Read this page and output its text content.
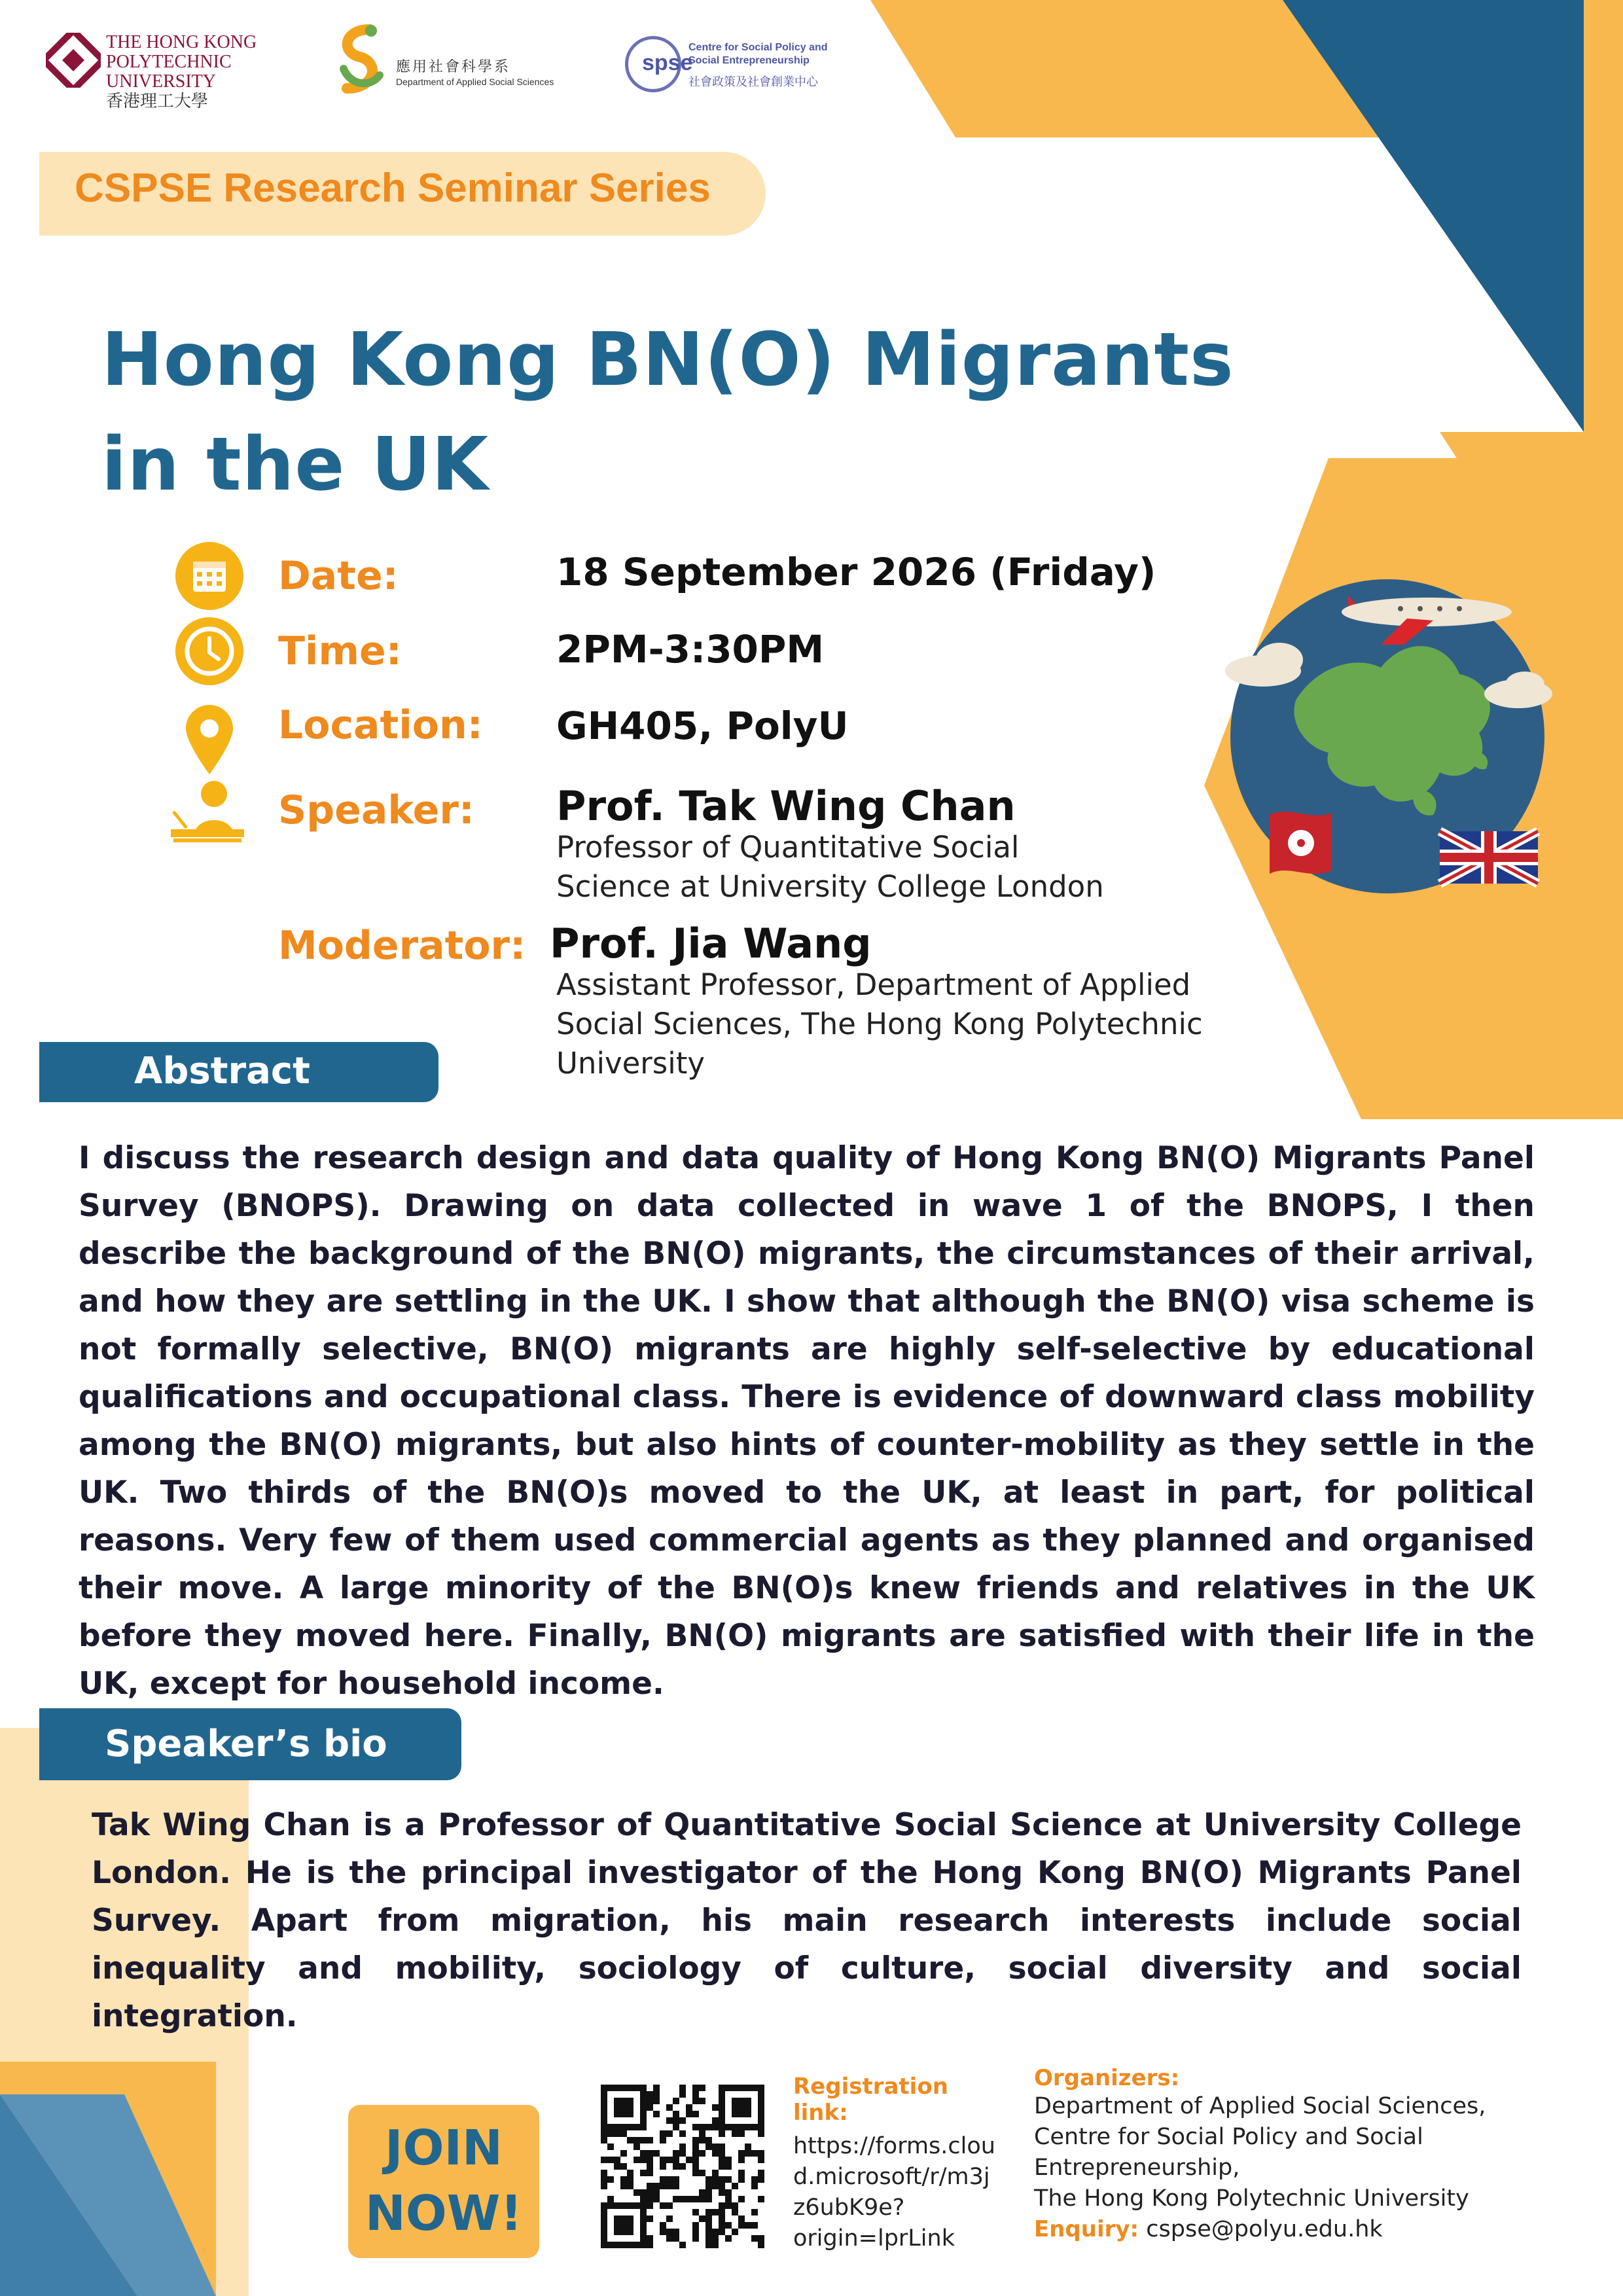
THE HONG KONG
POLYTECHNIC UNIVERSITY
香港理工大學
應用社會科學系
Department of Applied Social Sciences
spse
Centre for Social Policy and
Social Entrepreneurship
社會政策及社會創業中心
CSPSE Research Seminar Series
Hong Kong BN(O) Migrants
in the UK
Date:	18 September 2026 (Friday)
Time:	2PM-3:30PM
Location: GH405, PolyU
Speaker: Prof. Tak Wing Chan
Professor of Quantitative Social
Science at University College London
Moderator: Prof. Jia Wang
Assistant Professor, Department of Applied
Social Sciences, The Hong Kong Polytechnic
University
Abstract
I discuss the research design and data quality of Hong Kong BN(O) Migrants Panel Survey (BNOPS). Drawing on data collected in wave 1 of the BNOPS, I then describe the background of the BN(O) migrants, the circumstances of their arrival, and how they are settling in the UK. I show that although the BN(O) visa scheme is not formally selective, BN(O) migrants are highly self-selective by educational qualifications and occupational class. There is evidence of downward class mobility among the BN(O) migrants, but also hints of counter-mobility as they settle in the UK. Two thirds of the BN(O)s moved to the UK, at least in part, for political reasons. Very few of them used commercial agents as they planned and organised their move. A large minority of the BN(O)s knew friends and relatives in the UK before they moved here. Finally, BN(O) migrants are satisfied with their life in the UK, except for household income.
Speaker’s bio
Tak Wing Chan is a Professor of Quantitative Social Science at University College London. He is the principal investigator of the Hong Kong BN(O) Migrants Panel Survey. Apart from migration, his main research interests include social inequality and mobility, sociology of culture, social diversity and social integration.
JOIN
NOW!
Registration
link:
https://forms.clou
d.microsoft/r/m3j
z6ubK9e?
origin=lprLink
Organizers:
Department of Applied Social Sciences,
Centre for Social Policy and Social
Entrepreneurship,
The Hong Kong Polytechnic University
Enquiry: cspse@polyu.edu.hk
